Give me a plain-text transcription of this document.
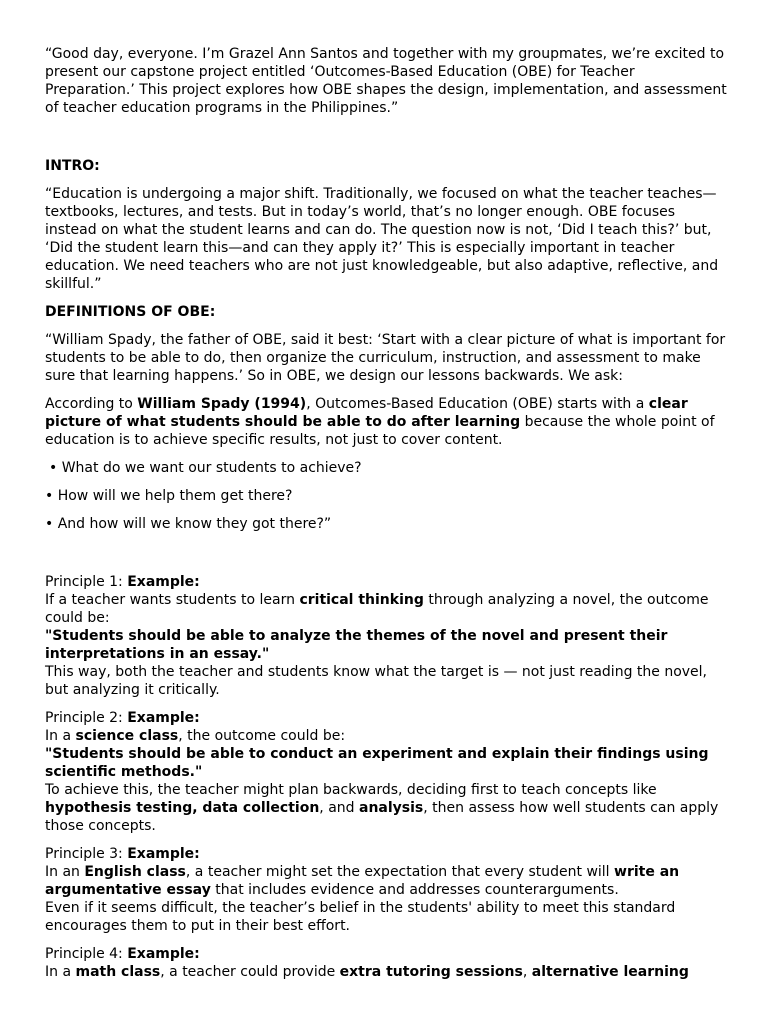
“Good day, everyone. I’m Grazel Ann Santos and together with my groupmates, we’re excited to present our capstone project entitled ‘Outcomes-Based Education (OBE) for Teacher Preparation.’ This project explores how OBE shapes the design, implementation, and assessment of teacher education programs in the Philippines.”

INTRO:

“Education is undergoing a major shift. Traditionally, we focused on what the teacher teaches—textbooks, lectures, and tests. But in today’s world, that’s no longer enough. OBE focuses instead on what the student learns and can do. The question now is not, ‘Did I teach this?’ but, ‘Did the student learn this—and can they apply it?’ This is especially important in teacher education. We need teachers who are not just knowledgeable, but also adaptive, reflective, and skillful.”

DEFINITIONS OF OBE:

“William Spady, the father of OBE, said it best: ‘Start with a clear picture of what is important for students to be able to do, then organize the curriculum, instruction, and assessment to make sure that learning happens.’ So in OBE, we design our lessons backwards. We ask:

According to William Spady (1994), Outcomes-Based Education (OBE) starts with a clear picture of what students should be able to do after learning because the whole point of education is to achieve specific results, not just to cover content.

• What do we want our students to achieve?

• How will we help them get there?

• And how will we know they got there?”

Principle 1: Example:

If a teacher wants students to learn critical thinking through analyzing a novel, the outcome could be:

"Students should be able to analyze the themes of the novel and present their interpretations in an essay."

This way, both the teacher and students know what the target is — not just reading the novel, but analyzing it critically.

Principle 2: Example:

In a science class, the outcome could be:

"Students should be able to conduct an experiment and explain their findings using scientific methods."

To achieve this, the teacher might plan backwards, deciding first to teach concepts like hypothesis testing, data collection, and analysis, then assess how well students can apply those concepts.

Principle 3: Example:

In an English class, a teacher might set the expectation that every student will write an argumentative essay that includes evidence and addresses counterarguments.

Even if it seems difficult, the teacher’s belief in the students' ability to meet this standard encourages them to put in their best effort.

Principle 4: Example:

In a math class, a teacher could provide extra tutoring sessions, alternative learning
